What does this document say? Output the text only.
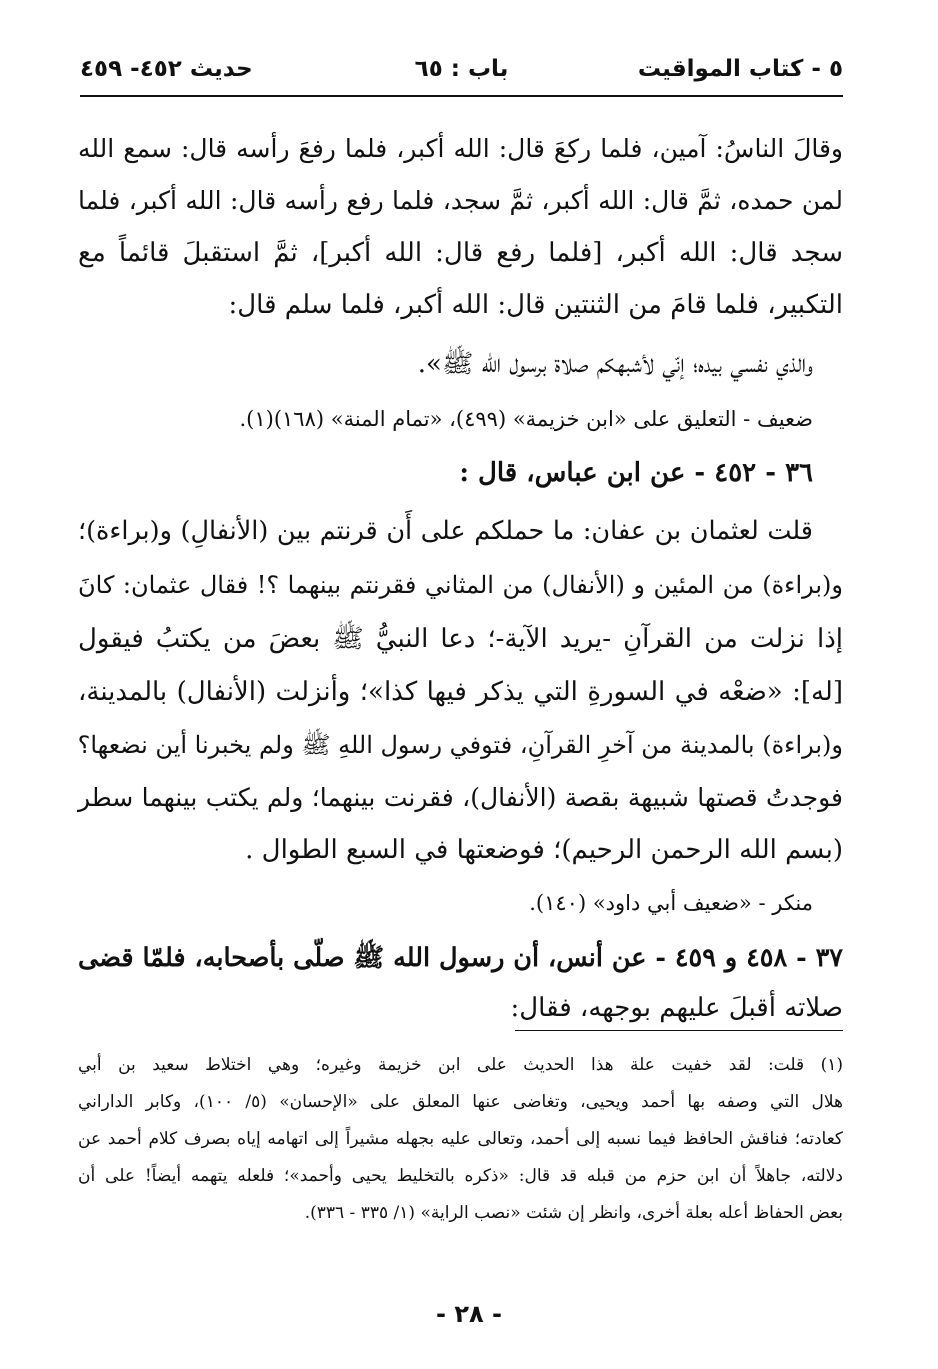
٥ - كتاب المواقيت
باب : ٦٥
حديث ٤٥٢- ٤٥٩
وقالَ الناسُ: آمين، فلما ركعَ قال: الله أكبر، فلما رفعَ رأسه قال: سمع الله
لمن حمده، ثمَّ قال: الله أكبر، ثمَّ سجد، فلما رفع رأسه قال: الله أكبر، فلما
سجد قال: الله أكبر، [فلما رفع قال: الله أكبر]، ثمَّ استقبلَ قائماً مع
التكبير، فلما قامَ من الثنتين قال: الله أكبر، فلما سلم قال:
والذي نفسي بيده؛ إنّي لأشبهكم صلاة برسول الله ﷺ».
ضعيف - التعليق على «ابن خزيمة» (٤٩٩)، «تمام المنة» (١٦٨)(١).
٣٦ - ٤٥٢ - عن ابن عباس، قال :
قلت لعثمان بن عفان: ما حملكم على أَن قرنتم بين (الأنفالِ) و(براءة)؛
و(براءة) من المئين و (الأنفال) من المثاني فقرنتم بينهما ؟! فقال عثمان: كانَ
إذا نزلت من القرآنِ -يريد الآية-؛ دعا النبيُّ ﷺ بعضَ من يكتبُ فيقول
[له]: «ضعْه في السورةِ التي يذكر فيها كذا»؛ وأنزلت (الأنفال) بالمدينة،
و(براءة) بالمدينة من آخرِ القرآنِ، فتوفي رسول اللهِ ﷺ ولم يخبرنا أين نضعها؟
فوجدتُ قصتها شبيهة بقصة (الأنفال)، فقرنت بينهما؛ ولم يكتب بينهما سطر
(بسم الله الرحمن الرحيم)؛ فوضعتها في السبع الطوال .
منكر - «ضعيف أبي داود» (١٤٠).
٣٧ - ٤٥٨ و ٤٥٩ - عن أنس، أن رسول الله ﷺ صلّى بأصحابه، فلمّا قضى
صلاته أقبلَ عليهم بوجهه، فقال:
(١) قلت: لقد خفيت علة هذا الحديث على ابن خزيمة وغيره؛ وهي اختلاط سعيد بن أبي
هلال التي وصفه بها أحمد ويحيى، وتغاضى عنها المعلق على «الإحسان» (٥/ ١٠٠)، وكابر الداراني
كعادته؛ فناقش الحافظ فيما نسبه إلى أحمد، وتعالى عليه بجهله مشيراً إلى اتهامه إياه بصرف كلام أحمد عن
دلالته، جاهلاً أن ابن حزم من قبله قد قال: «ذكره بالتخليط يحيى وأحمد»؛ فلعله يتهمه أيضاً! على أن
بعض الحفاظ أعله بعلة أخرى، وانظر إن شئت «نصب الراية» (١/ ٣٣٥ - ٣٣٦).
- ٢٨ -
